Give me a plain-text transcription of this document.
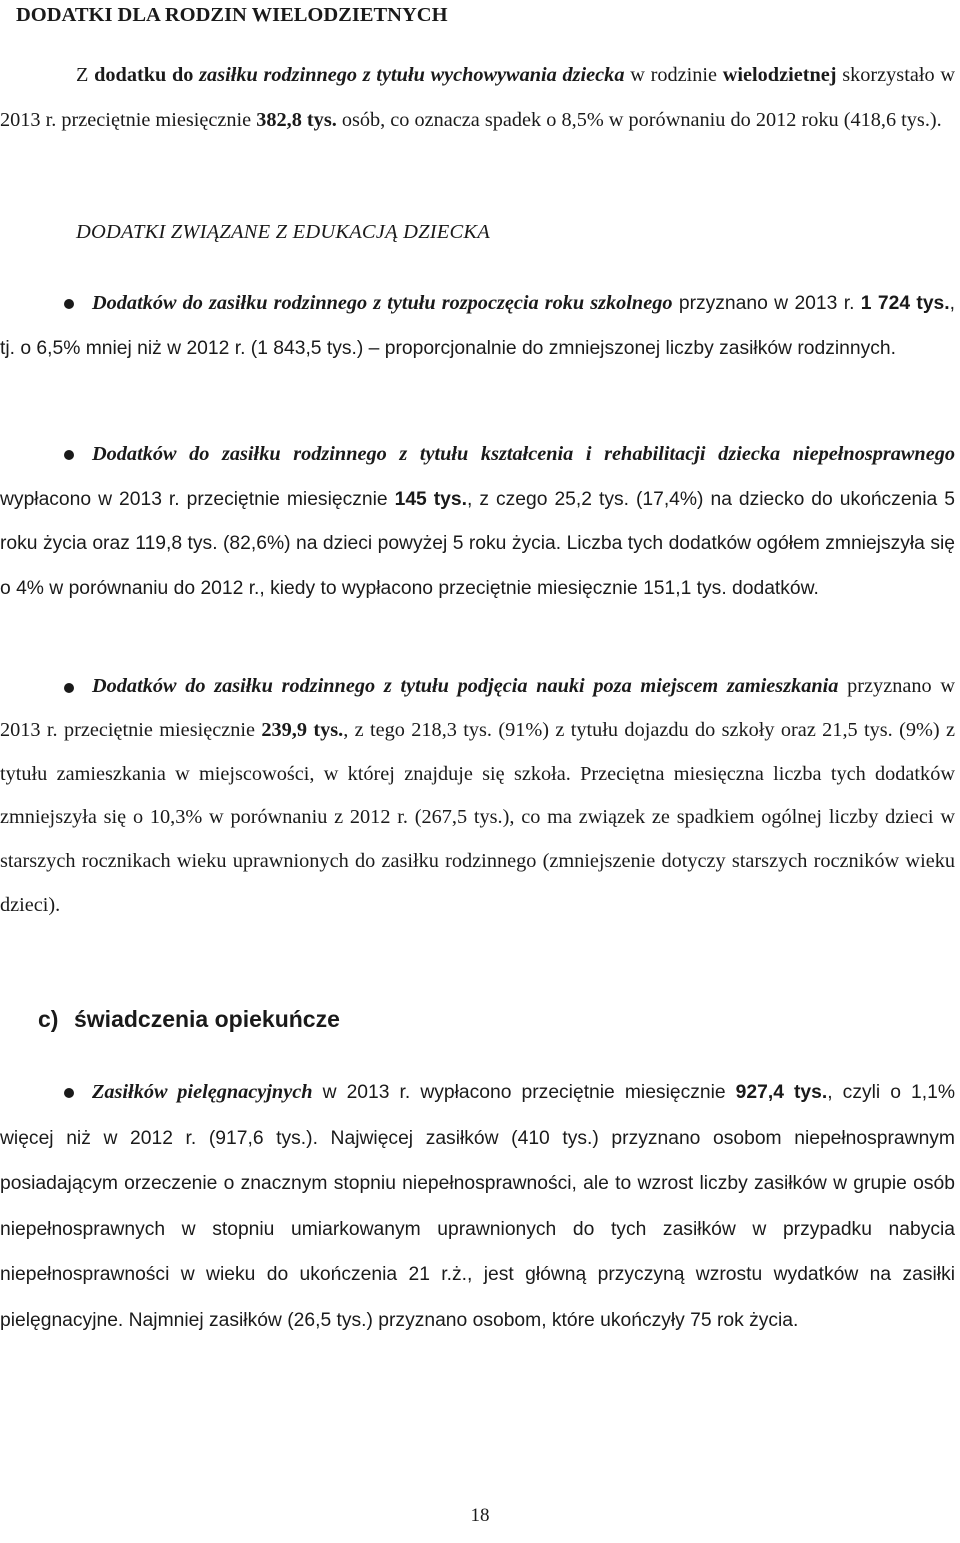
DODATKI DLA RODZIN WIELODZIETNYCH

Z dodatku do zasiłku rodzinnego z tytułu wychowywania dziecka w rodzinie wielodzietnej skorzystało w 2013 r. przeciętnie miesięcznie 382,8 tys. osób, co oznacza spadek o 8,5% w porównaniu do 2012 roku (418,6 tys.).

DODATKI ZWIĄZANE Z EDUKACJĄ DZIECKA

Dodatków do zasiłku rodzinnego z tytułu rozpoczęcia roku szkolnego przyznano w 2013 r. 1 724 tys., tj. o 6,5% mniej niż w 2012 r. (1 843,5 tys.) – proporcjonalnie do zmniejszonej liczby zasiłków rodzinnych.

Dodatków do zasiłku rodzinnego z tytułu kształcenia i rehabilitacji dziecka niepełnosprawnego wypłacono w 2013 r. przeciętnie miesięcznie 145 tys., z czego 25,2 tys. (17,4%) na dziecko do ukończenia 5 roku życia oraz 119,8 tys. (82,6%) na dzieci powyżej 5 roku życia. Liczba tych dodatków ogółem zmniejszyła się o 4% w porównaniu do 2012 r., kiedy to wypłacono przeciętnie miesięcznie 151,1 tys. dodatków.

Dodatków do zasiłku rodzinnego z tytułu podjęcia nauki poza miejscem zamieszkania przyznano w 2013 r. przeciętnie miesięcznie 239,9 tys., z tego 218,3 tys. (91%) z tytułu dojazdu do szkoły oraz 21,5 tys. (9%) z tytułu zamieszkania w miejscowości, w której znajduje się szkoła. Przeciętna miesięczna liczba tych dodatków zmniejszyła się o 10,3% w porównaniu z 2012 r. (267,5 tys.), co ma związek ze spadkiem ogólnej liczby dzieci w starszych rocznikach wieku uprawnionych do zasiłku rodzinnego (zmniejszenie dotyczy starszych roczników wieku dzieci).

c) świadczenia opiekuńcze

Zasiłków pielęgnacyjnych w 2013 r. wypłacono przeciętnie miesięcznie 927,4 tys., czyli o 1,1% więcej niż w 2012 r. (917,6 tys.). Najwięcej zasiłków (410 tys.) przyznano osobom niepełnosprawnym posiadającym orzeczenie o znacznym stopniu niepełnosprawności, ale to wzrost liczby zasiłków w grupie osób niepełnosprawnych w stopniu umiarkowanym uprawnionych do tych zasiłków w przypadku nabycia niepełnosprawności w wieku do ukończenia 21 r.ż., jest główną przyczyną wzrostu wydatków na zasiłki pielęgnacyjne. Najmniej zasiłków (26,5 tys.) przyznano osobom, które ukończyły 75 rok życia.

18
